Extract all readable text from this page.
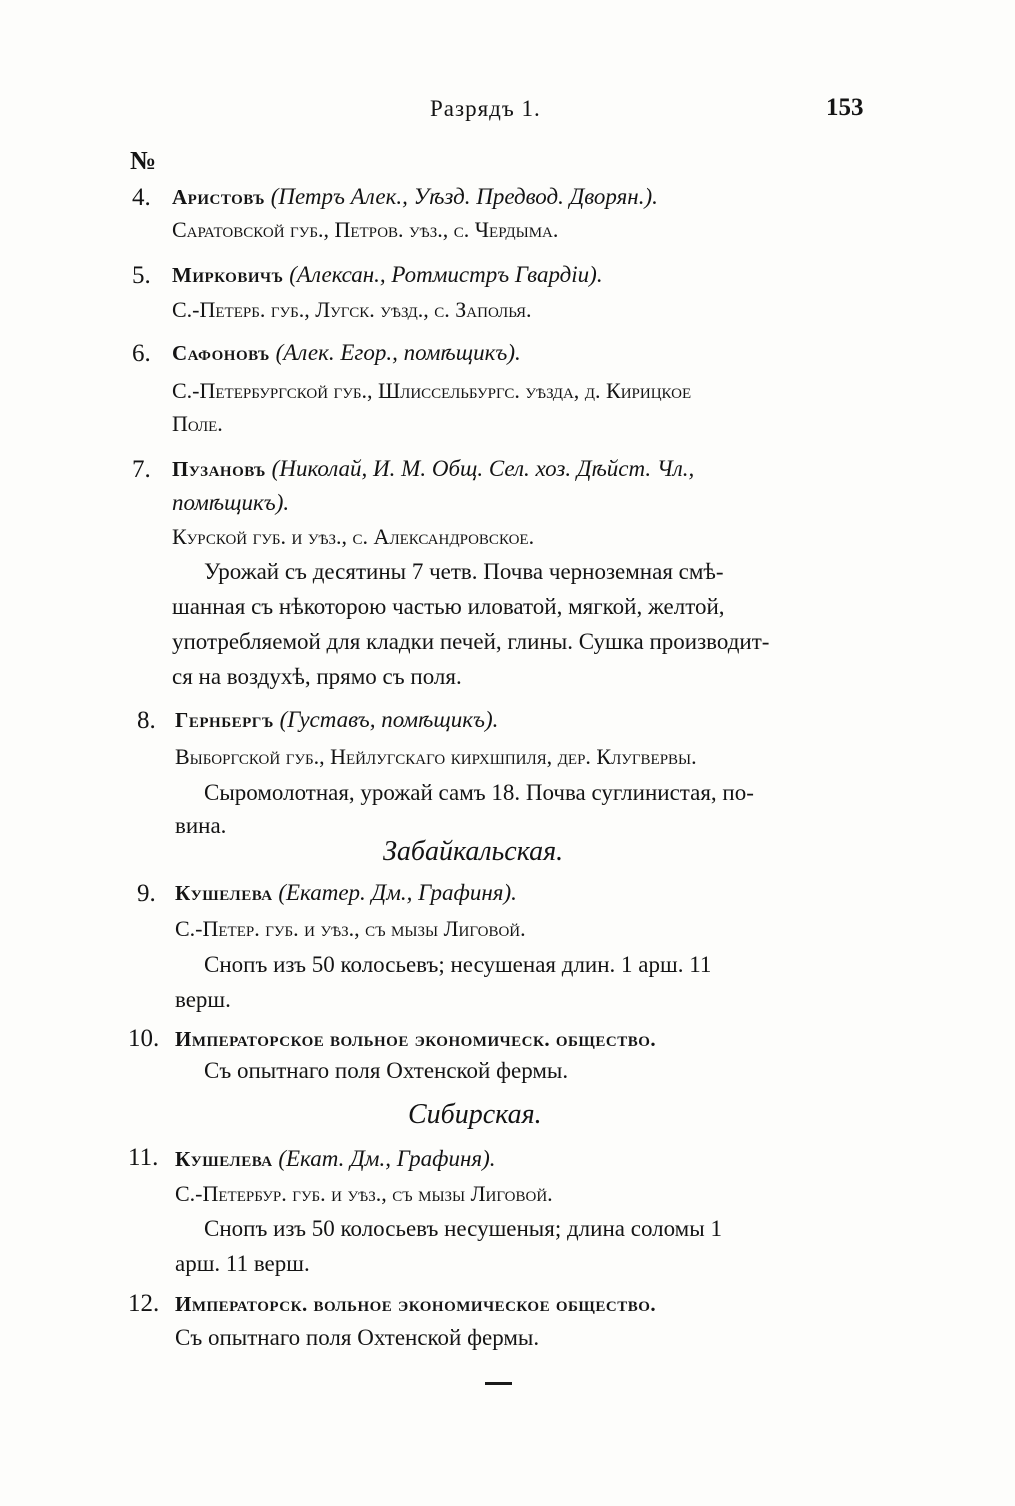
Разрядъ 1.	153
№
4. Аристовъ (Петръ Алек., Уѣзд. Предвод. Дворян.).
Саратовской губ., Петров. уѣз., с. Чердыма.
5. Мирковичъ (Алексан., Ротмистръ Гвардіи).
С.-Петерб. губ., Лугск. уѣзд., с. Заполья.
6. Сафоновъ (Алек. Егор., помѣщикъ).
С.-Петербургской губ., Шлиссельбургс. уѣзда, д. Кирицкое
Поле.
7. Пузановъ (Николай, И. М. Общ. Сел. хоз. Дѣйст. Чл.,
помѣщикъ).
Курской губ. и уѣз., с. Александровское.
Урожай съ десятины 7 четв. Почва черноземная смѣ-
шанная съ нѣкоторою частью иловатой, мягкой, желтой,
употребляемой для кладки печей, глины. Сушка производит-
ся на воздухѣ, прямо съ поля.
8. Гернбергъ (Густавъ, помѣщикъ).
Выборгской губ., Нейлугскаго кирхшпиля, дер. Клугвервы.
Сыромолотная, урожай самъ 18. Почва суглинистая, по-
вина.
Забайкальская.
9. Кушелева (Екатер. Дм., Графиня).
С.-Петер. губ. и уѣз., съ мызы Лиговой.
Снопъ изъ 50 колосьевъ; несушеная длин. 1 арш. 11
верш.
10. Императорское вольное экономическ. общество.
Съ опытнаго поля Охтенской фермы.
Сибирская.
11. Кушелева (Екат. Дм., Графиня).
С.-Петербур. губ. и уѣз., съ мызы Лиговой.
Снопъ изъ 50 колосьевъ несушеныя; длина соломы 1
арш. 11 верш.
12. Императорск. вольное экономическое общество.
Съ опытнаго поля Охтенской фермы.
